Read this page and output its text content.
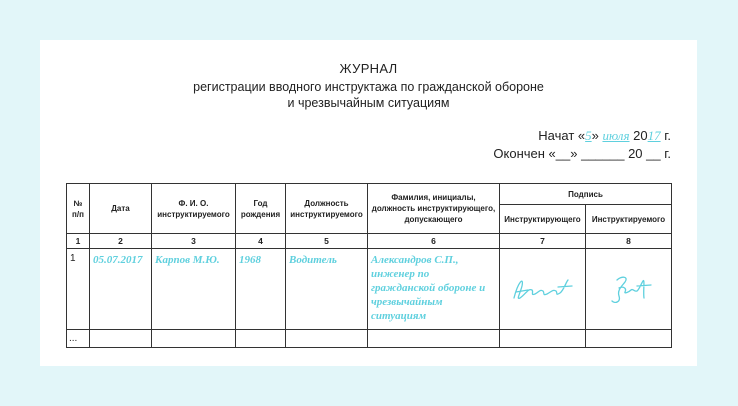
ЖУРНАЛ
регистрации вводного инструктажа по гражданской обороне
и чрезвычайным ситуациям
Начат «5» июля 2017 г.
Окончен «__» ______ 20 __ г.
№ п/п	Дата	Ф. И. О. инструктируемого	Год рождения	Должность инструктируемого	Фамилия, инициалы, должность инструктирующего, допускающего	Подпись	
						Инструктирующего	Инструктируемого
1	2	3	4	5	6	7	8
1	05.07.2017	Карпов М.Ю.	1968	Водитель	Александров С.П., инженер по гражданской обороне и чрезвычайным ситуациям	

...							
